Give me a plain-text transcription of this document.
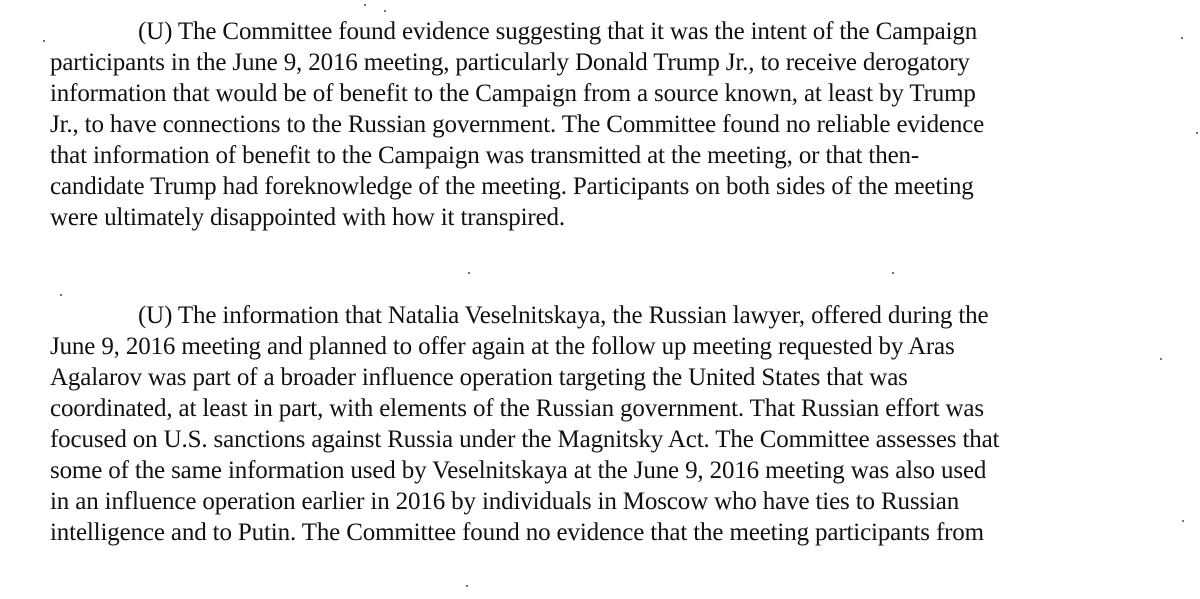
(U) The Committee found evidence suggesting that it was the intent of the Campaign
participants in the June 9, 2016 meeting, particularly Donald Trump Jr., to receive derogatory
information that would be of benefit to the Campaign from a source known, at least by Trump
Jr., to have connections to the Russian government. The Committee found no reliable evidence
that information of benefit to the Campaign was transmitted at the meeting, or that then-
candidate Trump had foreknowledge of the meeting. Participants on both sides of the meeting
were ultimately disappointed with how it transpired.

(U) The information that Natalia Veselnitskaya, the Russian lawyer, offered during the
June 9, 2016 meeting and planned to offer again at the follow up meeting requested by Aras
Agalarov was part of a broader influence operation targeting the United States that was
coordinated, at least in part, with elements of the Russian government. That Russian effort was
focused on U.S. sanctions against Russia under the Magnitsky Act. The Committee assesses that
some of the same information used by Veselnitskaya at the June 9, 2016 meeting was also used
in an influence operation earlier in 2016 by individuals in Moscow who have ties to Russian
intelligence and to Putin. The Committee found no evidence that the meeting participants from
